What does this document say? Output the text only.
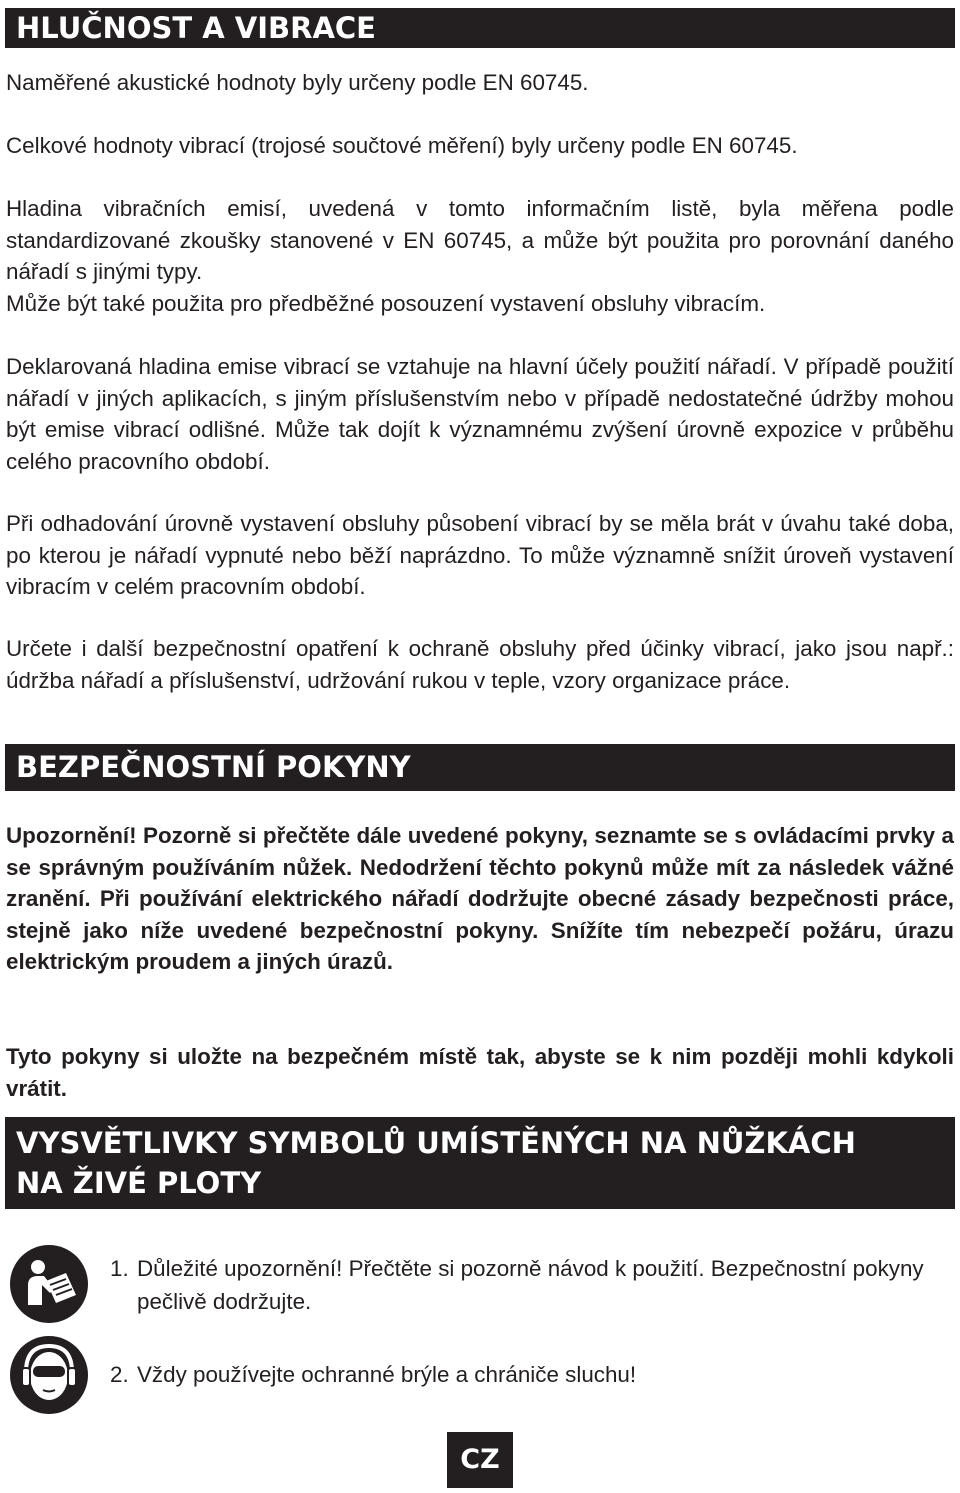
HLUČNOST A VIBRACE

Naměřené akustické hodnoty byly určeny podle EN 60745.

Celkové hodnoty vibrací (trojosé součtové měření) byly určeny podle EN 60745.

Hladina vibračních emisí, uvedená v tomto informačním listě, byla měřena podle standardizované zkoušky stanovené v EN 60745, a může být použita pro porovnání daného nářadí s jinými typy.

Může být také použita pro předběžné posouzení vystavení obsluhy vibracím.

Deklarovaná hladina emise vibrací se vztahuje na hlavní účely použití nářadí. V případě použití nářadí v jiných aplikacích, s jiným příslušenstvím nebo v případě nedostatečné údržby mohou být emise vibrací odlišné. Může tak dojít k významnému zvýšení úrovně expozice v průběhu celého pracovního období.

Při odhadování úrovně vystavení obsluhy působení vibrací by se měla brát v úvahu také doba, po kterou je nářadí vypnuté nebo běží naprázdno. To může významně snížit úroveň vystavení vibracím v celém pracovním období.

Určete i další bezpečnostní opatření k ochraně obsluhy před účinky vibrací, jako jsou např.: údržba nářadí a příslušenství, udržování rukou v teple, vzory organizace práce.

BEZPEČNOSTNÍ POKYNY

Upozornění! Pozorně si přečtěte dále uvedené pokyny, seznamte se s ovládacími prvky a se správným používáním nůžek. Nedodržení těchto pokynů může mít za následek vážné zranění. Při používání elektrického nářadí dodržujte obecné zásady bezpečnosti práce, stejně jako níže uvedené bezpečnostní pokyny. Snížíte tím nebezpečí požáru, úrazu elektrickým proudem a jiných úrazů.

Tyto pokyny si uložte na bezpečném místě tak, abyste se k nim později mohli kdykoli vrátit.

VYSVĚTLIVKY SYMBOLŮ UMÍSTĚNÝCH NA NŮŽKÁCH
NA ŽIVÉ PLOTY
1. Důležité upozornění! Přečtěte si pozorně návod k použití. Bezpečnostní pokyny pečlivě dodržujte.

2. Vždy používejte ochranné brýle a chrániče sluchu!

CZ
